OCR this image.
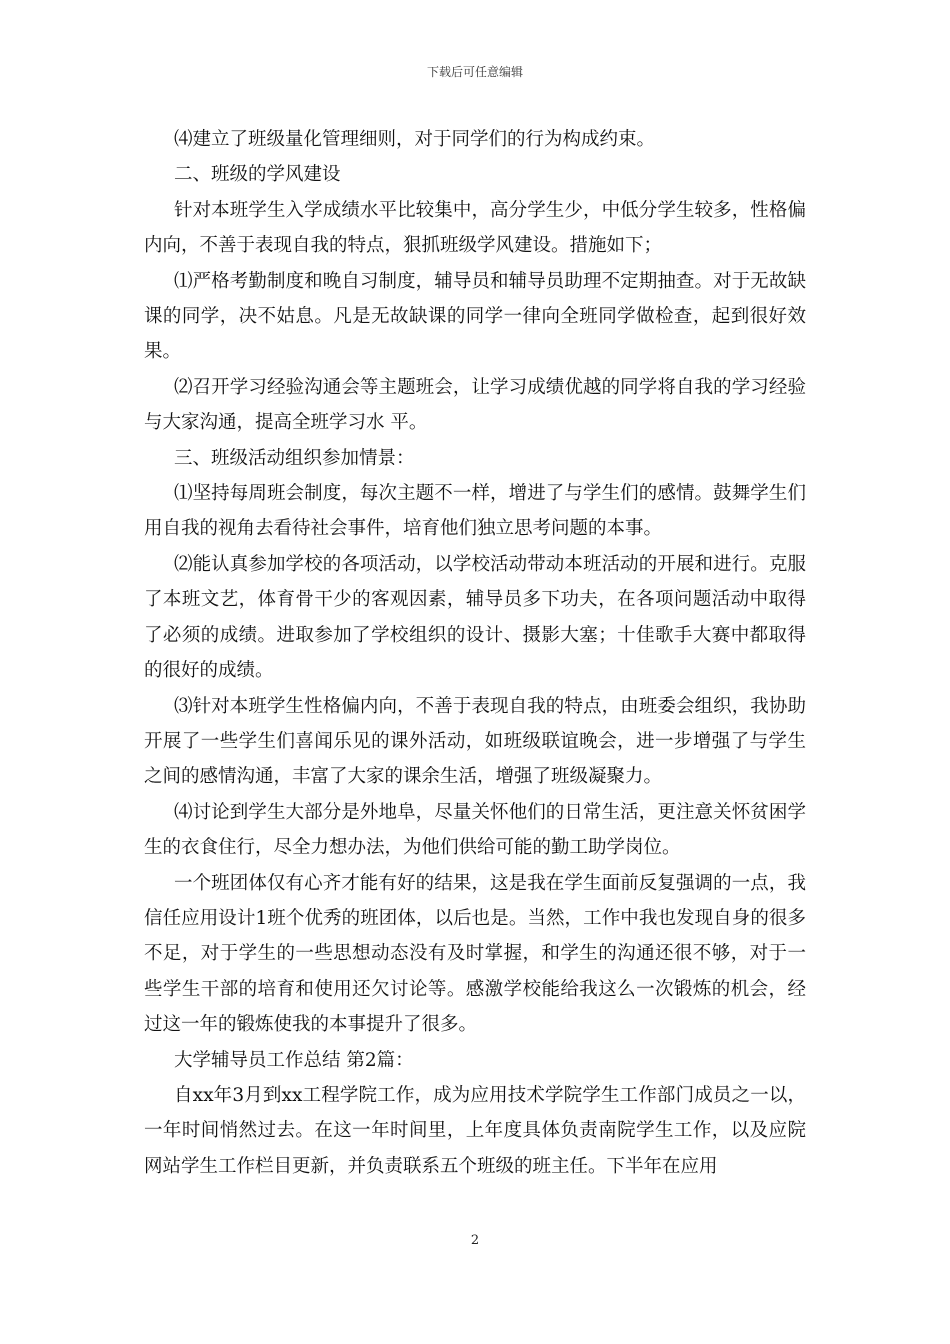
下载后可任意编辑

⑷建立了班级量化管理细则，对于同学们的行为构成约束。

二、班级的学风建设

针对本班学生入学成绩水平比较集中，高分学生少，中低分学生较多，性格偏内向，不善于表现自我的特点，狠抓班级学风建设。措施如下；

⑴严格考勤制度和晚自习制度，辅导员和辅导员助理不定期抽查。对于无故缺课的同学，决不姑息。凡是无故缺课的同学一律向全班同学做检查，起到很好效果。

⑵召开学习经验沟通会等主题班会，让学习成绩优越的同学将自我的学习经验与大家沟通，提高全班学习水 平。

三、班级活动组织参加情景：

⑴坚持每周班会制度，每次主题不一样，增进了与学生们的感情。鼓舞学生们用自我的视角去看待社会事件，培育他们独立思考问题的本事。

⑵能认真参加学校的各项活动，以学校活动带动本班活动的开展和进行。克服了本班文艺，体育骨干少的客观因素，辅导员多下功夫，在各项问题活动中取得了必须的成绩。进取参加了学校组织的设计、摄影大塞；十佳歌手大赛中都取得的很好的成绩。

⑶针对本班学生性格偏内向，不善于表现自我的特点，由班委会组织，我协助开展了一些学生们喜闻乐见的课外活动，如班级联谊晚会，进一步增强了与学生之间的感情沟通，丰富了大家的课余生活，增强了班级凝聚力。

⑷讨论到学生大部分是外地阜，尽量关怀他们的日常生活，更注意关怀贫困学生的衣食住行，尽全力想办法，为他们供给可能的勤工助学岗位。

一个班团体仅有心齐才能有好的结果，这是我在学生面前反复强调的一点，我信任应用设计1班个优秀的班团体，以后也是。当然，工作中我也发现自身的很多不足，对于学生的一些思想动态没有及时掌握，和学生的沟通还很不够，对于一些学生干部的培育和使用还欠讨论等。感激学校能给我这么一次锻炼的机会，经过这一年的锻炼使我的本事提升了很多。

大学辅导员工作总结 第2篇：

自xx年3月到xx工程学院工作，成为应用技术学院学生工作部门成员之一以，一年时间悄然过去。在这一年时间里，上年度具体负责南院学生工作，以及应院网站学生工作栏目更新，并负责联系五个班级的班主任。下半年在应用

2
